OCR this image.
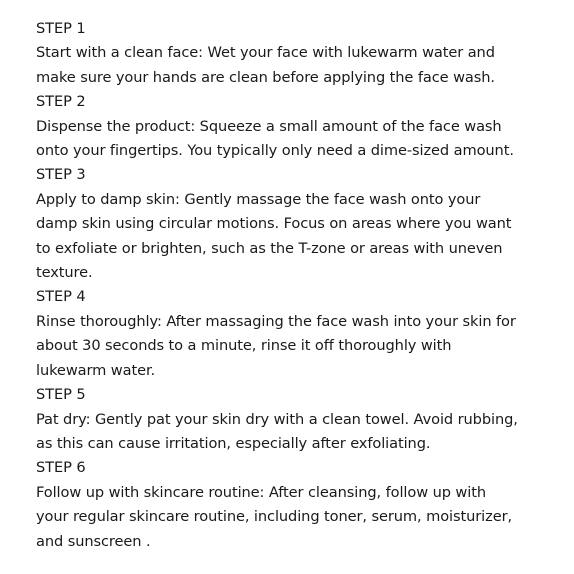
STEP 1
Start with a clean face: Wet your face with lukewarm water and
make sure your hands are clean before applying the face wash.
STEP 2
Dispense the product: Squeeze a small amount of the face wash
onto your fingertips. You typically only need a dime-sized amount.
STEP 3
Apply to damp skin: Gently massage the face wash onto your
damp skin using circular motions. Focus on areas where you want
to exfoliate or brighten, such as the T-zone or areas with uneven
texture.
STEP 4
Rinse thoroughly: After massaging the face wash into your skin for
about 30 seconds to a minute, rinse it off thoroughly with
lukewarm water.
STEP 5
Pat dry: Gently pat your skin dry with a clean towel. Avoid rubbing,
as this can cause irritation, especially after exfoliating.
STEP 6
Follow up with skincare routine: After cleansing, follow up with
your regular skincare routine, including toner, serum, moisturizer,
and sunscreen .
